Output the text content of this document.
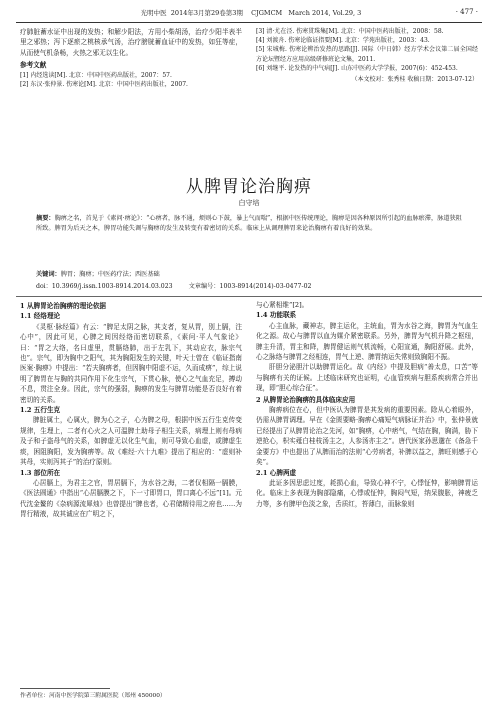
光明中医 2014年3月第29卷第3期 CJGMCM March 2014, Vol.29, 3	· 477 ·

疗肺脏蓄水证中出现的发热；和解少阳法，方用小柴胡汤，治疗少阳半表半里之邪热；泻下逐瘀之桃核承气汤，治疗膀胱蓄血证中的发热，如狂等症，从而使气机条畅，火热之邪无以生化。

参考文献
[1] 内经选读[M]. 北京：中国中医药出版社，2007：57.
[2] 东汉·张仲景. 伤寒论[M]. 北京：中国中医药出版社，2007.
[3] 清·尤在泾. 伤寒贯珠集[M]. 北京：中国中医药出版社，2008：58.
[4] 刘渡舟. 伤寒论临证指要[M]. 北京：学苑出版社，2003：43.
[5] 宋城梅. 伤寒论辨治发热的思路[J]. 国际（中日韩）经方学术会议第二届全国经方论坛暨经方应用高级研修班论文集，2011.
[6] 刘继平. 论发热的中气病[J]. 山东中医药大学学报，2007(6)：452-453.
（本文校对：张秀桂 收稿日期：2013-07-12）
从脾胃论治胸痹
白守培
摘要：胸痹之名，首见于《素问·痹论》：“心痹者，脉不通，烦则心下鼓，暴上气而喘”，根据中医传统理论，胸痹是因各种原因所引起的血脉瘀滞，脉道狭阻所致。脾胃为后天之本，脾胃功能失调与胸痹的发生及转变有着密切的关系。临床上从调理脾胃来论治胸痹有着良好的效果。
关键词：脾胃；胸痹；中医药疗法；西医基础
doi：10.3969/j.issn.1003-8914.2014.03.023	文章编号：1003-8914(2014)-03-0477-02
1 从脾胃论治胸痹的理论依据
1.1 经络理论

《灵枢·脉经篇》有云：“脾足太阴之脉，其支者，复从胃，别上膈，注心中”，因此可见，心脾之间因经络而密切联系，《素问·平人气象论》曰：“胃之大络，名曰虚里，贯膈络肺，出于左乳下，其动应衣，脉宗气也”。宗气，即为胸中之阳气，其为胸阳发生的关键，叶天士曾在《临证指南医案·胸痹》中提出：“若夫胸痹者，但因胸中阳虚不运，久而成痹”，综上说明了脾胃在与胸的共同作用下化生宗气，下贯心脉，使心之气血充足，搏动不息，贯注全身。因此，宗气的强弱，胸痹的发生与脾胃功能是否良好有着密切的关系。

1.2 五行生克

脾脏属土，心属火，脾为心之子，心为脾之母，根据中医五行生克传变规律，生理上，二者有心火之人可温脾土助母子相生关系，病理上则有母病及子和子盗母气的关系，如脾虚无以化生气血，则可导致心血虚，或脾虚生痰，困阻胸阳，发为胸痹等。故《难经·六十九难》提出了相应的：“虚则补其母，实则泻其子”的治疗原则。

1.3 部位所在

心居膈上，为君主之官，胃居膈下，为水谷之海，二者仅相隔一膈膜，《医法圆通》中指出“心居膈膜之下，下一寸即胃口，胃口离心不远”[1]。元代沈金鳌的《杂病源流犀烛》也曾提出“脾也者，心君储精待用之府也……为胃行精液，故其诚应在广明之下，

与心紧相维”[2]。

1.4 功能联系

心主血脉，藏神志，脾主运化，主统血，胃为水谷之海，脾胃为气血生化之源。故心与脾胃以血为媒介紧密联系。另外，脾胃为气机升降之枢纽，脾主升清，胃主和降，脾胃健运则气机流畅，心阳宣通，胸阳舒展。此外，心之脉络与脾胃之经相连，胃气上逆、脾胃纳运失常则致胸阳不振。

肝胆分泌胆汁以助脾胃运化。故《内经》中提及胆病“善太息，口苦”等与胸痹有关的证候。上述临床研究也证明，心血管疾病与胆系疾病常合并出现，即“胆心综合征”。

2 从脾胃论治胸痹的具体临床应用

胸痹病位在心，但中医认为脾胃是其发病的重要因素。除从心着眼外，仍需从脾胃调理。早在《金匮要略·胸痹心痛短气病脉证并治》中，张仲景就已经提出了从脾胃论治之先河，如“胸痹，心中痞气，气结在胸，胸满，胁下逆抢心，枳实薤白桂枝汤主之，人参汤亦主之”。唐代医家孙思邈在《备急千金要方》中也提出了从脾而治的法则“心劳病者，补脾以益之，脾旺则感于心矣”。

2.1 心脾两虚

此证多因思虑过度，耗损心血，导致心神不宁，心悸怔忡，影响脾胃运化。临床上多表现为胸部隐痛，心悸或怔忡，胸闷气短，纳呆腹胀，神疲乏力等，多有脾甲色淡之象，舌质红，苔薄白，而脉象则

作者单位：河南中医学院第三附属医院（郑州 450000）
